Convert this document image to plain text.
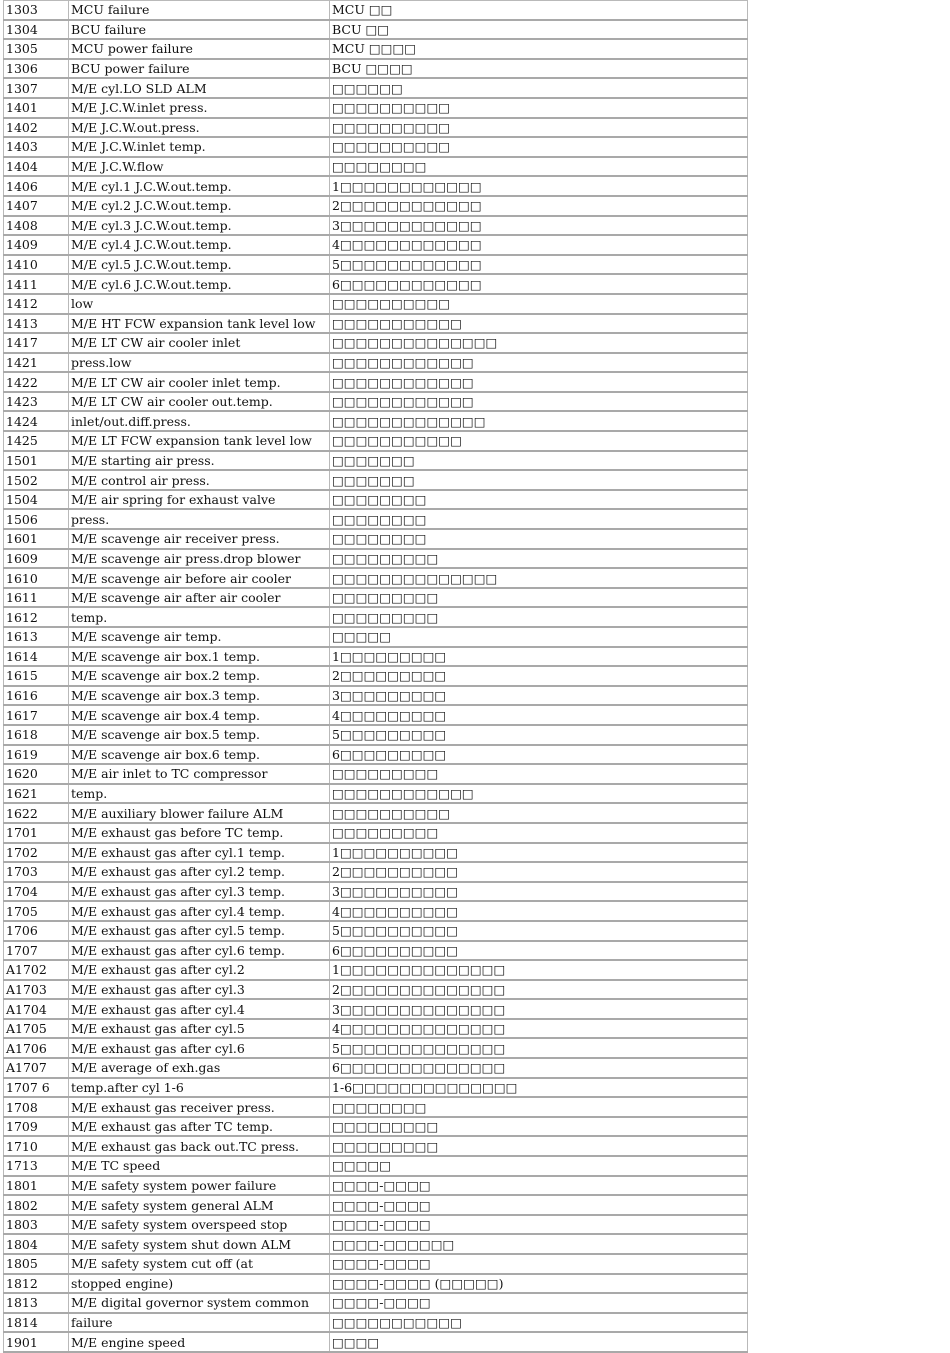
1303	MCU failure	MCU □□
1304	BCU failure	BCU □□
1305	MCU power failure	MCU □□□□
1306	BCU power failure	BCU □□□□
1307	M/E cyl.LO SLD ALM	□□□□□□
1401	M/E J.C.W.inlet press.	□□□□□□□□□□
1402	M/E J.C.W.out.press.	□□□□□□□□□□
1403	M/E J.C.W.inlet temp.	□□□□□□□□□□
1404	M/E J.C.W.flow	□□□□□□□□
1406	M/E cyl.1 J.C.W.out.temp.	1□□□□□□□□□□□□
1407	M/E cyl.2 J.C.W.out.temp.	2□□□□□□□□□□□□
1408	M/E cyl.3 J.C.W.out.temp.	3□□□□□□□□□□□□
1409	M/E cyl.4 J.C.W.out.temp.	4□□□□□□□□□□□□
1410	M/E cyl.5 J.C.W.out.temp.	5□□□□□□□□□□□□
1411	M/E cyl.6 J.C.W.out.temp.	6□□□□□□□□□□□□
1412	low	□□□□□□□□□□
1413	M/E HT FCW expansion tank level low	□□□□□□□□□□□
1417	M/E LT CW air cooler inlet	□□□□□□□□□□□□□□
1421	press.low	□□□□□□□□□□□□
1422	M/E LT CW air cooler inlet temp.	□□□□□□□□□□□□
1423	M/E LT CW air cooler out.temp.	□□□□□□□□□□□□
1424	inlet/out.diff.press.	□□□□□□□□□□□□□
1425	M/E LT FCW expansion tank level low	□□□□□□□□□□□
1501	M/E starting air press.	□□□□□□□
1502	M/E control air press.	□□□□□□□
1504	M/E air spring for exhaust valve	□□□□□□□□
1506	press.	□□□□□□□□
1601	M/E scavenge air receiver press.	□□□□□□□□
1609	M/E scavenge air press.drop blower	□□□□□□□□□
1610	M/E scavenge air before air cooler	□□□□□□□□□□□□□□
1611	M/E scavenge air after air cooler	□□□□□□□□□
1612	temp.	□□□□□□□□□
1613	M/E scavenge air temp.	□□□□□
1614	M/E scavenge air box.1 temp.	1□□□□□□□□□
1615	M/E scavenge air box.2 temp.	2□□□□□□□□□
1616	M/E scavenge air box.3 temp.	3□□□□□□□□□
1617	M/E scavenge air box.4 temp.	4□□□□□□□□□
1618	M/E scavenge air box.5 temp.	5□□□□□□□□□
1619	M/E scavenge air box.6 temp.	6□□□□□□□□□
1620	M/E air inlet to TC compressor	□□□□□□□□□
1621	temp.	□□□□□□□□□□□□
1622	M/E auxiliary blower failure ALM	□□□□□□□□□□
1701	M/E exhaust gas before TC temp.	□□□□□□□□□
1702	M/E exhaust gas after cyl.1 temp.	1□□□□□□□□□□
1703	M/E exhaust gas after cyl.2 temp.	2□□□□□□□□□□
1704	M/E exhaust gas after cyl.3 temp.	3□□□□□□□□□□
1705	M/E exhaust gas after cyl.4 temp.	4□□□□□□□□□□
1706	M/E exhaust gas after cyl.5 temp.	5□□□□□□□□□□
1707	M/E exhaust gas after cyl.6 temp.	6□□□□□□□□□□
A1702	M/E exhaust gas after cyl.2	1□□□□□□□□□□□□□□
A1703	M/E exhaust gas after cyl.3	2□□□□□□□□□□□□□□
A1704	M/E exhaust gas after cyl.4	3□□□□□□□□□□□□□□
A1705	M/E exhaust gas after cyl.5	4□□□□□□□□□□□□□□
A1706	M/E exhaust gas after cyl.6	5□□□□□□□□□□□□□□
A1707	M/E average of exh.gas	6□□□□□□□□□□□□□□
1707 6	temp.after cyl 1-6	1-6□□□□□□□□□□□□□□
1708	M/E exhaust gas receiver press.	□□□□□□□□
1709	M/E exhaust gas after TC temp.	□□□□□□□□□
1710	M/E exhaust gas back out.TC press.	□□□□□□□□□
1713	M/E TC speed	□□□□□
1801	M/E safety system power failure	□□□□-□□□□
1802	M/E safety system general ALM	□□□□-□□□□
1803	M/E safety system overspeed stop	□□□□-□□□□
1804	M/E safety system shut down ALM	□□□□-□□□□□□
1805	M/E safety system cut off (at	□□□□-□□□□
1812	stopped engine)	□□□□-□□□□ (□□□□□)
1813	M/E digital governor system common	□□□□-□□□□
1814	failure	□□□□□□□□□□□
1901	M/E engine speed	□□□□
